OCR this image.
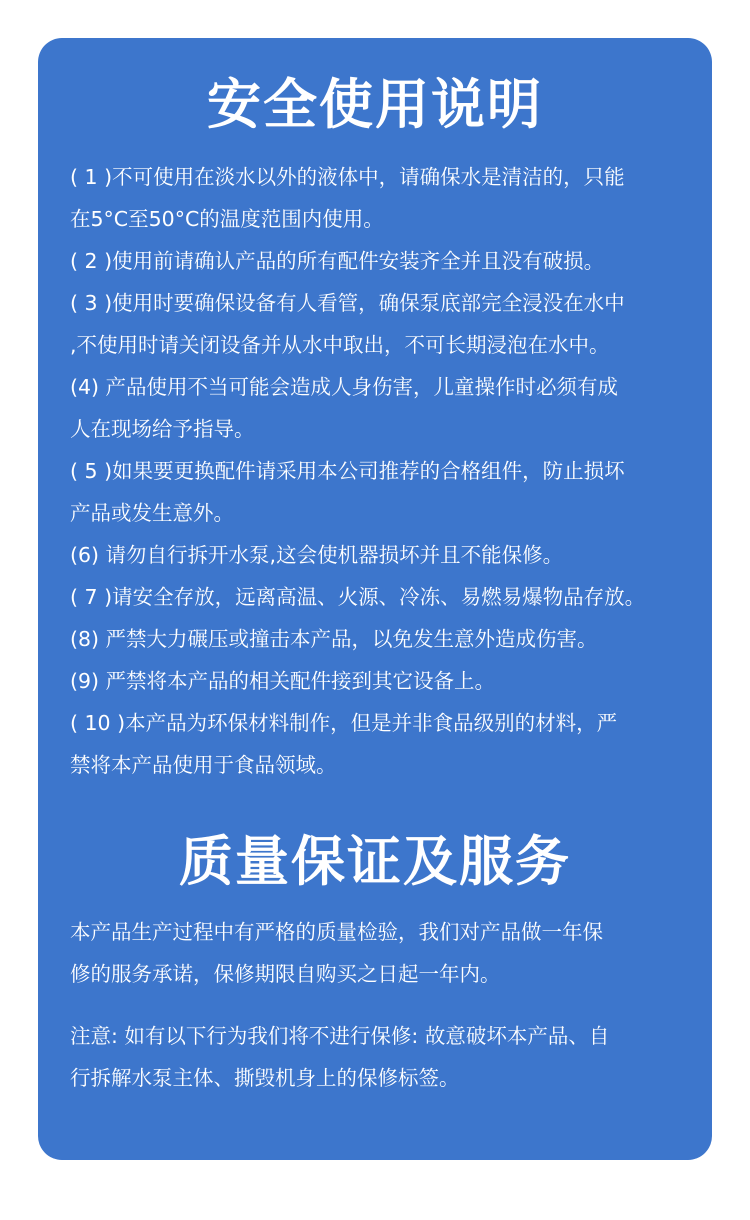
安全使用说明
( 1 )不可使用在淡水以外的液体中，请确保水是清洁的，只能
在5°C至50°C的温度范围内使用。
( 2 )使用前请确认产品的所有配件安装齐全并且没有破损。
( 3 )使用时要确保设备有人看管，确保泵底部完全浸没在水中
,不使用时请关闭设备并从水中取出，不可长期浸泡在水中。
(4) 产品使用不当可能会造成人身伤害，儿童操作时必须有成
人在现场给予指导。
( 5 )如果要更换配件请采用本公司推荐的合格组件，防止损坏
产品或发生意外。
(6) 请勿自行拆开水泵,这会使机器损坏并且不能保修。
( 7 )请安全存放，远离高温、火源、冷冻、易燃易爆物品存放。
(8) 严禁大力碾压或撞击本产品，以免发生意外造成伤害。
(9) 严禁将本产品的相关配件接到其它设备上。
( 10 )本产品为环保材料制作，但是并非食品级别的材料，严
禁将本产品使用于食品领域。
质量保证及服务
本产品生产过程中有严格的质量检验，我们对产品做一年保
修的服务承诺，保修期限自购买之日起一年内。
注意: 如有以下行为我们将不进行保修: 故意破坏本产品、自
行拆解水泵主体、撕毁机身上的保修标签。
